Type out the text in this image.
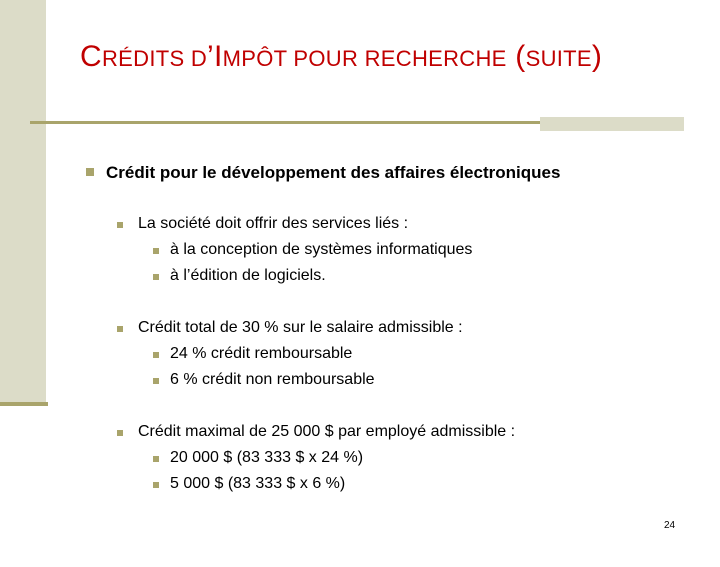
CRÉDITS D’IMPÔT POUR RECHERCHE (SUITE)
Crédit pour le développement des affaires électroniques
La société doit offrir des services liés :
à la conception de systèmes informatiques
à l’édition de logiciels.
Crédit total de 30 % sur le salaire admissible :
24 % crédit remboursable
6 % crédit non remboursable
Crédit maximal de 25 000 $ par employé admissible :
20 000 $ (83 333 $ x 24 %)
5 000 $ (83 333 $ x 6 %)
24
